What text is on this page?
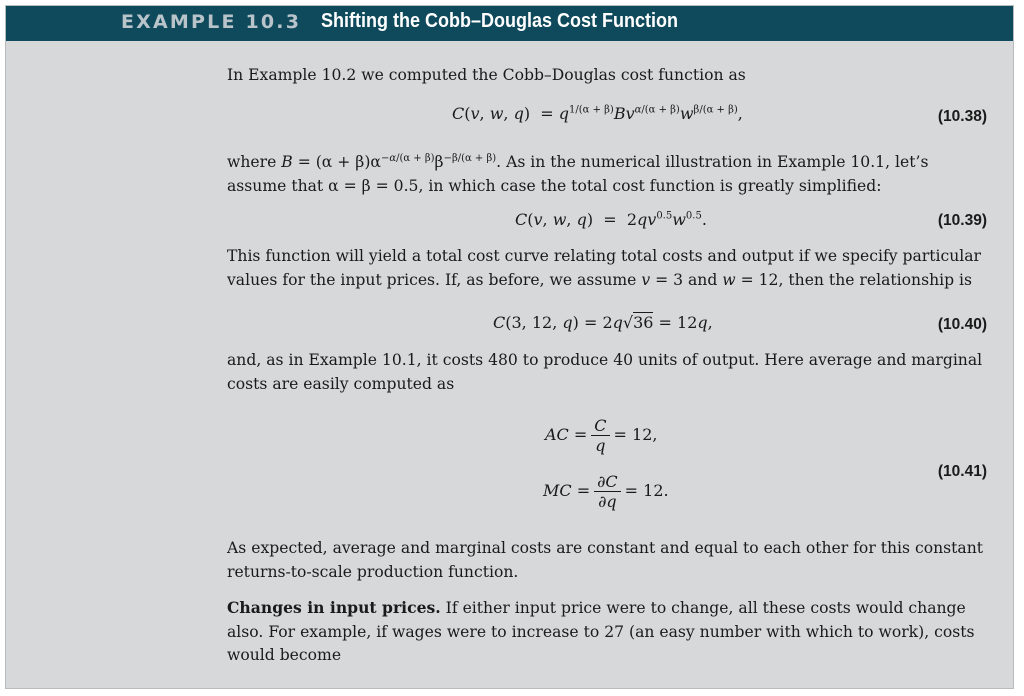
EXAMPLE 10.3 Shifting the Cobb–Douglas Cost Function

In Example 10.2 we computed the Cobb–Douglas cost function as

C(v, w, $q) = q^{1/(\alpha + \beta)}Bv^{\alpha/(\alpha + \beta)}w^{\beta/(\alpha + \beta)}$,	(10.38)

where $B = (\alpha + \beta)\alpha^{-\alpha/(\alpha + \beta)}\beta^{-\beta/(\alpha + \beta)}$. As in the numerical illustration in Example 10.1, let’s
assume that α = β = 0.5, in which case the total cost function is greatly simplified:

C(v, w, $q) = 2qv^{0.5}w^{0.5}$.	(10.39)

This function will yield a total cost curve relating total costs and output if we specify particular values for the input prices. If, as before, we assume v = 3 and w = 12, then the relationship is

C(3, 12, q) = 2q√36 = 12q,	(10.40)

and, as in Example 10.1, it costs 480 to produce 40 units of output. Here average and marginal costs are easily computed as

AC = $\frac{C}{q} = 12$,
MC = $\frac{\partial C}{\partial q} = 12$.
(10.41)

As expected, average and marginal costs are constant and equal to each other for this constant returns-to-scale production function.

Changes in input prices. If either input price were to change, all these costs would change also. For example, if wages were to increase to 27 (an easy number with which to work), costs would become
